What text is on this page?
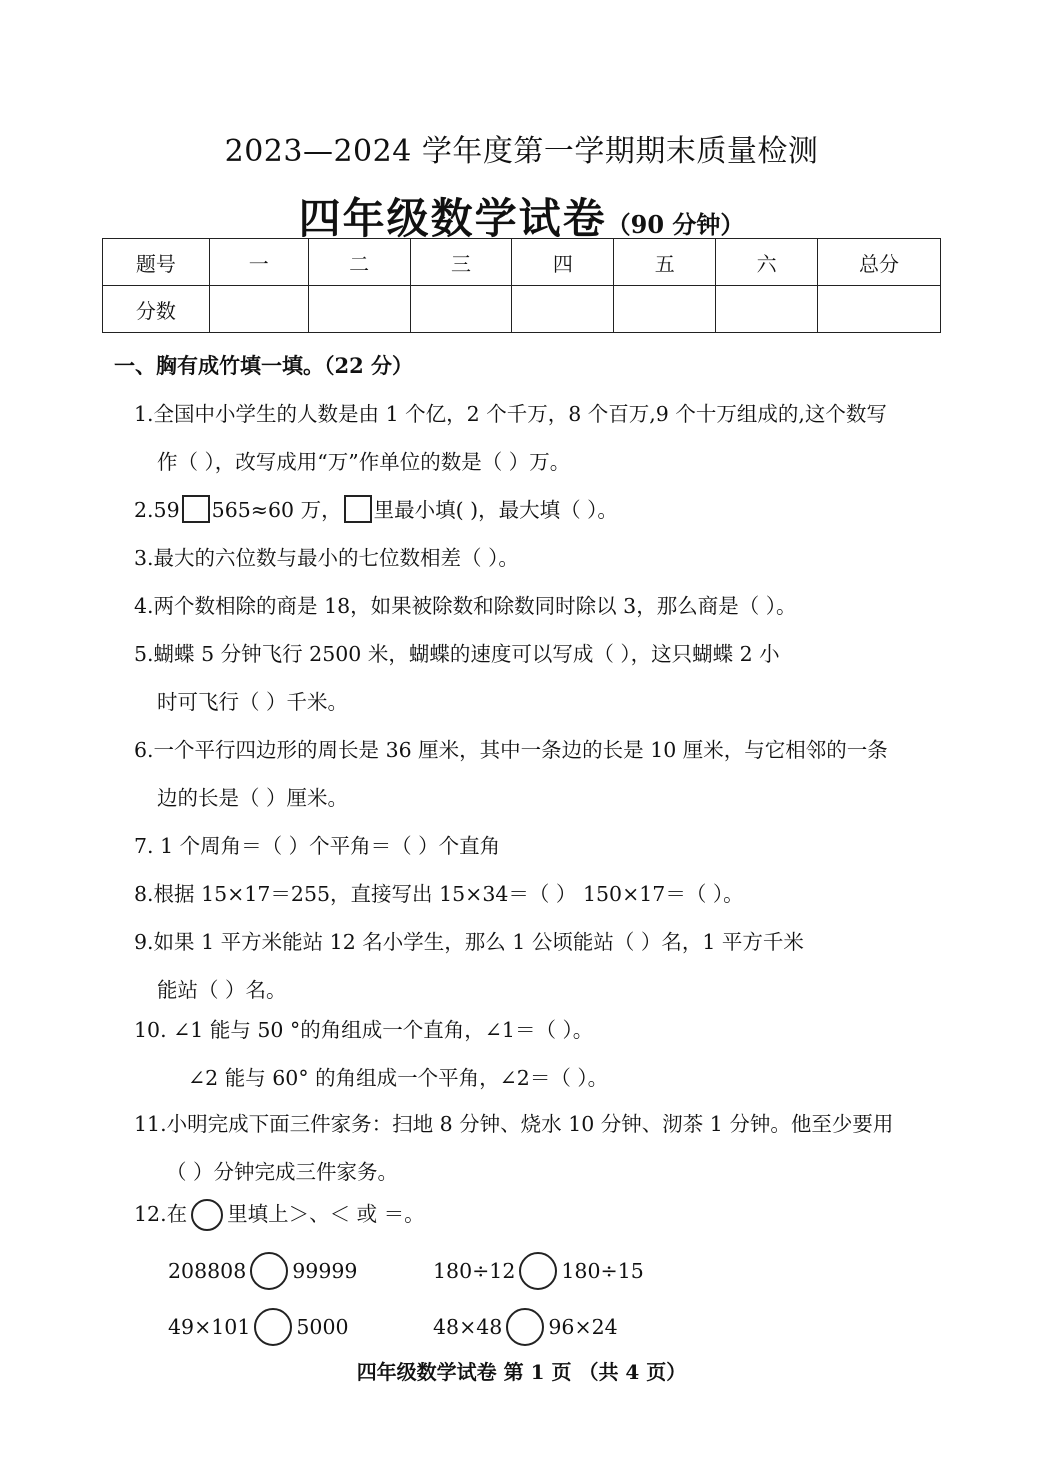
2023—2024 学年度第一学期期末质量检测
四年级数学试卷（90 分钟）
题号	一	二	三	四	五	六	总分
分数							
一、胸有成竹填一填。（22 分）
1.全国中小学生的人数是由 1 个亿，2 个千万，8 个百万,9 个十万组成的,这个数写
作（ ），改写成用“万”作单位的数是（ ）万。
2.59 565≈60 万， 里最小填( )，最大填（ ）。
3.最大的六位数与最小的七位数相差（ ）。
4.两个数相除的商是 18，如果被除数和除数同时除以 3，那么商是（ ）。
5.蝴蝶 5 分钟飞行 2500 米，蝴蝶的速度可以写成（ ），这只蝴蝶 2 小
时可飞行（ ）千米。
6.一个平行四边形的周长是 36 厘米，其中一条边的长是 10 厘米，与它相邻的一条
边的长是（ ）厘米。
7. 1 个周角＝（ ）个平角＝（ ）个直角
8.根据 15×17＝255，直接写出 15×34＝（ ） 150×17＝（ ）。
9.如果 1 平方米能站 12 名小学生，那么 1 公顷能站（ ）名，1 平方千米
能站（ ）名。
10. ∠1 能与 50 °的角组成一个直角，∠1＝（ ）。
∠2 能与 60° 的角组成一个平角，∠2＝（ ）。
11.小明完成下面三件家务：扫地 8 分钟、烧水 10 分钟、沏茶 1 分钟。他至少要用
（ ）分钟完成三件家务。
12.在 里填上＞、＜ 或 ＝。
208808 99999	180÷12 180÷15
49×101 5000	48×48 96×24
四年级数学试卷 第 1 页 （共 4 页）
